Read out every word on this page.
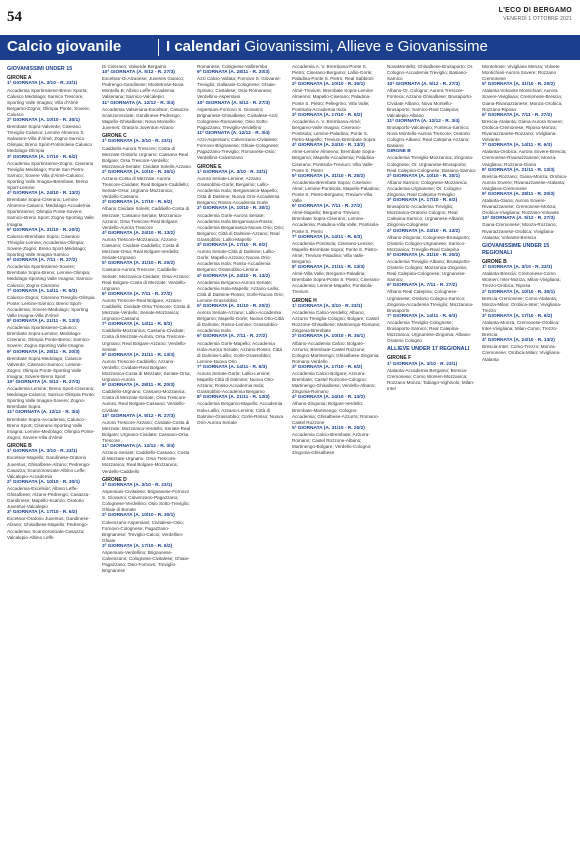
54	L'ECO DI BERGAMO
VENERDÌ 1 OTTOBRE 2021
Calcio giovanile	I calendari Giovanissimi, Allieve e Giovanissime

GIOVANISSIMI UNDER 15

GIRONE A

1ª GIORNATA (A. 3/10 - R. 23/1)

Accademia Sportinsieme-Breno Sporta; Calusco Medolago; Sarnico Trescore; Sporting Valle Imagna; Villa d'Almè Bergamo-Zogno; Olimpia Ponte; Sovere; Calusco

2ª GIORNATA (A. 10/10 - R. 30/1)

Brembate Sopra-Valverde; Ciserano Treviglio-Calusco; Lemine Almenno S. Salvatore-Villa d'Almè; Zogno-Sarnico Olimpia; Breno Sport-Pontirolese Calusco Medolago-Olimpia

3ª GIORNATA (A. 17/10 - R. 6/2)

Accademia Sportinsieme-Zogno; Ciserano Treviglio-Medolago; Ponte San Pietro-Sarnico; Sovere Villa d'Almè-Calusco; Sporting Valle Imagna-Brembate; Breno Sport-Lemine

4ª GIORNATA (A. 24/10 - R. 13/2)

Brembate Sopra-Ciserano; Lemine Almenno-Calusco; Medolago-Accademia Sportinsieme; Olimpia Ponte-Sovere; Sarnico-Breno Sport; Zogno-Sporting Valle Imagna

5ª GIORNATA (A. 31/10 - R. 20/2)

Calusco-Brembate Sopra; Ciserano Treviglio-Lemine; Accademia-Olimpia; Sovere-Zogno; Breno Sport-Medolago; Sporting Valle Imagna-Sarnico

6ª GIORNATA (A. 7/11 - R. 27/2)

Accademia Sportinsieme-Sovere; Brembate Sopra-Breno; Lemine-Olimpia; Medolago-Sporting Valle Imagna; Sarnico-Calusco; Zogno-Ciserano

7ª GIORNATA (A. 14/11 - R. 6/3)

Calusco-Zogno; Ciserano Treviglio-Olimpia Ponte; Lemine-Sarnico; Breno Sport-Accademia; Sovere-Medolago; Sporting Valle Imagna-Villa d'Almè

8ª GIORNATA (A. 21/11 - R. 13/3)

Accademia Sportinsieme-Calusco; Brembate Sopra-Lemine; Medolago-Ciserano; Olimpia Ponte-Breno; Sarnico-Sovere; Zogno-Sporting Valle Imagna

9ª GIORNATA (A. 28/11 - R. 20/3)

Brembate Sopra-Medolago; Calusco-Valverde; Ciserano-Sarnico; Lemine-Zogno; Olimpia Ponte-Sporting Valle Imagna; Sovere-Breno Sport

10ª GIORNATA (A. 5/12 - R. 27/3)

Accademia-Lemine; Breno Sport-Ciserano; Medolago-Calusco; Sarnico-Olimpia Ponte; Sporting Valle Imagna-Sovere; Zogno-Brembate Sopra

11ª GIORNATA (A. 12/12 - R. 3/4)

Brembate Sopra-Accademia; Calusco-Breno Sport; Ciserano-Sporting Valle Imagna; Lemine-Medolago; Olimpia Ponte-Zogno; Sovere-Villa d'Almè

GIRONE B

1ª GIORNATA (A. 3/10 - R. 23/1)

Excelsior-Mapello; Gandinese-Oratorio Juventus; Ghisalbese-Alzano; Pedrengo-Casazza; Scanzorosciate-Albino Leffe; Valcalepio-Accademia

2ª GIORNATA (A. 10/10 - R. 30/1)

Accademia-Excelsior; Albino Leffe-Ghisalbese; Alzano-Pedrengo; Casazza-Gandinese; Mapello-Scanzo; Oratorio Juventus-Valcalepio

3ª GIORNATA (A. 17/10 - R. 6/2)

Excelsior-Oratorio Juventus; Gandinese-Alzano; Ghisalbese-Mapello; Pedrengo-Accademia; Scanzorosciate-Casazza; Valcalepio-Albino Leffe

Di Ciserano; Valverde Bergamo

10ª GIORNATA (A. 5/12 - R. 27/3)

Excelsior-Di Alzanese; Juvenes Gianico; Pedrengo-Gandinese; Montetrose-Nova Montello B; Albino Leffe-Accademia Valseriana; Sarnico-Valcalepio

11ª GIORNATA (A. 12/12 - R. 3/4)

Accademia Valseriana-Excelsior; Casazza-Scanzorosciate; Gandinese-Pedrengo; Mapello-Ghisalbese; Nova Montello-Juvenes; Oratorio Juventus-Alzano

GIRONE C

1ª GIORNATA (A. 3/10 - R. 23/1)

Caddiello-Aurora Trescore; Costa di Mezzate-Oratorio Urgnano; Cassano-Real Bolgare; Orsa Trescore-Verdello; Mozzanica-Seriate; Cividate Soleils-Azzano

2ª GIORNATA (A. 10/10 - R. 30/1)

Azzano-Costa di Mezzate; Aurora Trescore-Cividate; Real Bolgare-Caddiello; Seriate-Orsa; Urgnano-Mozzanica; Verdello-Cassano

3ª GIORNATA (A. 17/10 - R. 6/2)

Albano Cividate Soleils; Caddiello-Costa di Mezzate; Cassano-Seriate; Mozzanica-Azzano; Orsa Trescore-Real Bolgare; Verdello-Aurora Trescore

4ª GIORNATA (A. 24/10 - R. 13/2)

Aurora Trescore-Mozzanica; Azzano-Cassano; Cividate-Caddiello; Costa di Mezzate-Orsa; Real Bolgare-Verdello; Seriate-Urgnano

5ª GIORNATA (A. 31/10 - R. 20/2)

Cassano-Aurora Trescore; Caddiello-Seriate; Mozzanica-Cividate; Orsa-Azzano; Real Bolgare-Costa di Mezzate; Verdello-Urgnano

6ª GIORNATA (A. 7/11 - R. 27/2)

Aurora Trescore-Real Bolgare; Azzano-Caddiello; Cividate-Orsa Trescore; Costa di Mezzate-Verdello; Seriate-Mozzanica; Urgnano-Cassano

7ª GIORNATA (A. 14/11 - R. 6/3)

Caddiello-Mozzanica; Cassano-Cividate; Costa di Mezzate-Aurora; Orsa Trescore-Urgnano; Real Bolgare-Azzano; Verdello-Seriate

8ª GIORNATA (A. 21/11 - R. 13/3)

Aurora Trescore-Caddiello; Azzano-Verdello; Cividate-Real Bolgare; Mozzanica-Costa di Mezzate; Seriate-Orsa; Urgnano-Aurora

9ª GIORNATA (A. 28/11 - R. 20/3)

Caddiello-Urgnano; Cassano-Mozzanica; Costa di Mezzate-Seriate; Orsa Trescore-Aurora; Real Bolgare-Cassano; Verdello-Cividate

10ª GIORNATA (A. 5/12 - R. 27/3)

Aurora Trescore-Azzano; Cividate-Costa di Mezzate; Mozzanica-Verdello; Seriate-Real Bolgare; Urgnano-Cividate; Cassano-Orsa Trescore

11ª GIORNATA (A. 12/12 - R. 3/4)

Azzano-Seriate; Caddiello-Cassano; Costa di Mezzate-Urgnano; Orsa Trescore-Mozzanica; Real Bolgare-Mozzanica; Verdello-Caddiello

GIRONE D

1ª GIORNATA (A. 3/10 - R. 23/1)

Aspersiani-Civitalese; Brignanese-Fornovo S. Giovanni; Calvenzano-Pagazzano; Colognese-Verdellino; Osio Sotto-Treviglio; Ghiaie di Bonate

2ª GIORNATA (A. 10/10 - R. 30/1)

Calvenzano-Aspersiani; Civitalese-Osio; Fornovo-Colognese; Pagazzano-Brignanese; Treviglio-Calcio; Verdellino-Ghiaie

3ª GIORNATA (A. 17/10 - R. 6/2)

Aspersiani-Verdellino; Brignanese-Calvenzano; Colognese-Civitalese; Ghiaie-Pagazzano; Osio-Fornovo; Treviglio-Brignanese

Romanese; Colognese-Valbrembo

9ª GIORNATA (A. 28/11 - R. 20/3)

Azzi Calcio-Vallata; Fornovo S. Giovanni-Treviglio; Gallarate-Colognese; Ghiaie-Spirano; Civitalese; Osio-Romanese; Verdellino-Aspersiani

10ª GIORNATA (A. 5/12 - R. 27/3)

Aspersiani-Fornovo S. Giovanni; Brignanese-Ghisalbese; Civitalese-Azzi; Colognese-Romanese; Osio Sotto-Pagazzano; Treviglio-Verdellino

11ª GIORNATA (A. 12/12 - R. 3/4)

Azzi-Aspersiani; Calvenzano-Civitalese; Fornovo-Brignanese; Ghiaie-Colognese; Pagazzano-Treviglio; Romanese-Osio; Verdellino-Calvenzano

GIRONE E

1ª GIORNATA (A. 3/10 - R. 23/1)

Aurora Seriate-Lemine; Azzano Grassobbio-Gorle; Bergamo; Lallio-Accademia Isola; Bergamasca-Mapello; Città di Dalmine; Nuova Orio-Accademia Bergamo; Rosso-Accademia Gorle

2ª GIORNATA (A. 10/10 - R. 30/1)

Accademia Gorle-Aurora Seriate; Accademia Isola Bergamasca-Rosso; Accademia Bergamasca-Nuova Orio; Orio; Bergamo; Città di Dalmine-Azzano; Real Grassobbio; Lallio-Mapello

3ª GIORNATA (A. 17/10 - R. 6/2)

Aurora Seriate-Città di Dalmine; Lallio-Gorle; Mapello-Azzano; Nuova Orio-Accademia Isola; Rosso-Accademia Bergamo; Grassobbio-Lemine

4ª GIORNATA (A. 24/10 - R. 13/2)

Accademia Bergamo-Aurora Seriate; Accademia Isola-Mapello; Azzano-Lallio; Città di Dalmine-Rosso; Gorle-Nuova Orio; Lemine-Grassobbio

5ª GIORNATA (A. 31/10 - R. 20/2)

Aurora Seriate-Azzano; Lallio-Accademia Bergamo; Mapello-Gorle; Nuova Orio-Città di Dalmine; Rosso-Lemine; Grassobbio-Accademia Isola

6ª GIORNATA (A. 7/11 - R. 27/2)

Accademia Gorle-Mapello; Accademia Isola-Aurora Seriate; Azzano-Rosso; Città di Dalmine-Lallio; Gorle-Grassobbio; Lemine-Nuova Orio

7ª GIORNATA (A. 14/11 - R. 6/3)

Aurora Seriate-Gorle; Lallio-Lemine; Mapello-Città di Dalmine; Nuova Orio-Azzano; Rosso-Accademia Isola; Grassobbio-Accademia Bergamo

8ª GIORNATA (A. 21/11 - R. 13/3)

Accademia Bergamo-Mapello; Accademia Isola-Lallio; Azzano-Lemine; Città di Dalmine-Grassobbio; Gorle-Rosso; Nuova Orio-Aurora Seriate

Accademia A. V. Brembana-Ponte S. Pietro; Ciserano-Bergamo; Lallio-Gorle; Paladina-Ponte S. Pietro; Real Sabbioni

2ª GIORNATA (A. 10/10 - R. 30/1)

Almè-Trevium; Brembate Sopra-Lemine Almenno; Mapello-Ciserano; Paladina-Ponte S. Pietro; Pellegrino; Villa Valle; Pontisola-Accademia Isola

3ª GIORNATA (A. 17/10 - R. 6/2)

Accademia A. V. Brembana-Almè; Bergamo-Valle Imagna; Ciserano-Pontisola; Lemine-Paladina; Ponte S. Pietro-Mapello; Trevium-Brembate Sopra

4ª GIORNATA (A. 24/10 - R. 13/2)

Almè-Lemine Almenno; Brembate Sopra-Bergamo; Mapello-Accademia; Paladina-Ciserano; Pontisola-Trevium; Villa Valle-Ponte S. Pietro

5ª GIORNATA (A. 31/10 - R. 20/2)

Accademia-Brembate Sopra; Ciserano-Almè; Lemine-Pontisola; Mapello-Paladina; Ponte S. Pietro-Bergamo; Trevium-Villa Valle

6ª GIORNATA (A. 7/11 - R. 27/2)

Almè-Mapello; Bergamo-Trevium; Brembate Sopra-Ciserano; Lemine-Accademia; Paladina-Villa Valle; Pontisola-Ponte S. Pietro

7ª GIORNATA (A. 14/11 - R. 6/3)

Accademia-Pontisola; Ciserano-Lemine; Mapello-Brembate Sopra; Ponte S. Pietro-Almè; Trevium-Paladina; Villa Valle-Bergamo

8ª GIORNATA (A. 21/11 - R. 13/3)

Almè-Villa Valle; Bergamo-Paladina; Brembate Sopra-Ponte S. Pietro; Ciserano-Accademia; Lemine-Mapello; Pontisola-Trevium

GIRONE H

1ª GIORNATA (A. 3/10 - R. 23/1)

Accademia Calcio-Verdello; Albano; Azzurra Treviglio-Cologno; Bolgare; Castel Rozzone-Ghisalbese; Martinengo-Romano; Zingonia-Brembate

2ª GIORNATA (A. 10/10 - R. 30/1)

Albano-Accademia Calcio; Bolgare-Azzurra; Brembate-Castel Rozzone; Cologno-Martinengo; Ghisalbese-Zingonia; Romano-Verdello

3ª GIORNATA (A. 17/10 - R. 6/2)

Accademia Calcio-Bolgare; Azzurra-Brembate; Castel Rozzone-Cologno; Martinengo-Ghisalbese; Verdello-Albano; Zingonia-Romano

4ª GIORNATA (A. 24/10 - R. 13/2)

Albano-Zingonia; Bolgare-Verdello; Brembate-Martinengo; Cologno-Accademia; Ghisalbese-Azzurra; Romano-Castel Rozzone

5ª GIORNATA (A. 31/10 - R. 20/2)

Accademia Calcio-Brembate; Azzurra-Romano; Castel Rozzone-Albano; Martinengo-Bolgare; Verdello-Cologno; Zingonia-Ghisalbese

NovaMontello; Ghisalbese-Brusaporto; Or. Cologno-Accademia Treviglio; Basiano-Sarnico

10ª GIORNATA (A. 5/12 - R. 27/3)

Albano-Or. Cologno; Aurora Trescore-Fonteca; Azzano-Ghisalbese; Brusaporto-Cividate Albano; Nova Montello-Brusaporto; Sarnico-Real Calepina; Valcalepio-Albano

11ª GIORNATA (A. 12/12 - R. 3/4)

Brusaporto-Valcalepio; Fonteca-Sarnico; Nova Montello-Aurora Trescore; Oratorio Cologno-Albano; Real Calepina-Azzano; Basiano

GIRONE B

Accademia Treviglio-Mozzanica; Zingonia-Colognese; Or. Urgnanese-Brusaporto; Real Calepina-Colognese; Basiano-Sarnico

2ª GIORNATA (A. 10/10 - R. 30/1)

Albano-Sarnico; Colognese-Mozzanica; Accademia-Urgnanese; Or. Cologno-Zingonia; Real Calepina-Treviglio

3ª GIORNATA (A. 17/10 - R. 6/2)

Brusaporto-Accademia Treviglio; Mozzanica-Oratorio Cologno; Real Calepina-Sarnico; Urgnanese-Albano; Zingonia-Colognese

4ª GIORNATA (A. 24/10 - R. 13/2)

Albano-Zingonia; Colognese-Brusaporto; Oratorio Cologno-Urgnanese; Sarnico-Mozzanica; Treviglio-Real Calepina

5ª GIORNATA (A. 31/10 - R. 20/2)

Accademia Treviglio-Albano; Brusaporto-Oratorio Cologno; Mozzanica-Zingonia; Real Calepina-Colognese; Urgnanese-Sarnico

6ª GIORNATA (A. 7/11 - R. 27/2)

Albano-Real Calepina; Colognese-Urgnanese; Oratorio Cologno-Sarnico; Zingonia-Accademia Treviglio; Mozzanica-Brusaporto

7ª GIORNATA (A. 14/11 - R. 6/3)

Accademia Treviglio-Colognese; Brusaporto-Sarnico; Real Calepina-Mozzanica; Urgnanese-Zingonia; Albano-Oratorio Cologno

ALLIEVE UNDER 17 REGIONALI

GIRONE F

1ª GIORNATA (A. 3/10 - R. 23/1)

Atalanta-Accademia Bergamo; Brescia-Cremonese; Como Women-Mozzanica; Rozzano-Monza; Tabiago-Vighinolo; Milan-Inter

Montelrose; Vivigliana Menza; Volvete Montichiari-Aurora Sovere; Rozzano Cremonese

5ª GIORNATA (A. 31/10 - R. 20/2)

Atalanta-Volvante Montichiari; Aurora Sovere-Vivigliana; Cremonese-Brescia; Giana-Rivanazzanese; Monza-Orobica; Rozzano-Riposa

6ª GIORNATA (A. 7/11 - R. 27/2)

Brescia-Atalanta; Giana-Aurora Sovere; Orobica-Cremonese; Riposo-Monza; Rivanazzanese-Rozzano; Vivigliana-Volvante

7ª GIORNATA (A. 14/11 - R. 6/3)

Atalanta-Orobica; Aurora Sovere-Brescia; Cremonese-Rivanazzanese; Monza-Vivigliana; Rozzano-Giana

8ª GIORNATA (A. 21/11 - R. 13/3)

Brescia-Rozzano; Giana-Monza; Orobica-Aurora Sovere; Rivanazzanese-Atalanta; Vivigliana-Cremonese

9ª GIORNATA (A. 28/11 - R. 20/3)

Atalanta-Giana; Aurora Sovere-Rivanazzanese; Cremonese-Monza; Orobica-Vivigliana; Rozzano-Volvante

10ª GIORNATA (A. 5/12 - R. 27/3)

Giana-Cremonese; Monza-Rozzano; Rivanazzanese-Orobica; Vivigliana-Atalanta; Volvante-Brescia

GIOVANISSIME UNDER 15 REGIONALI

GIRONE B

1ª GIORNATA (A. 3/10 - R. 23/1)

Atalanta-Brescia; Cremonese-Como Women; Inter-Monza; Milan-Vivigliana; Trezzo-Orobica; Riposa

2ª GIORNATA (A. 10/10 - R. 30/1)

Brescia-Cremonese; Como-Atalanta; Monza-Milan; Orobica-Inter; Vivigliana-Trezzo

3ª GIORNATA (A. 17/10 - R. 6/2)

Atalanta-Monza; Cremonese-Orobica; Inter-Vivigliana; Milan-Como; Trezzo-Brescia

4ª GIORNATA (A. 24/10 - R. 13/2)

Brescia-Inter; Como-Trezzo; Monza-Cremonese; Orobica-Milan; Vivigliana-Atalanta
